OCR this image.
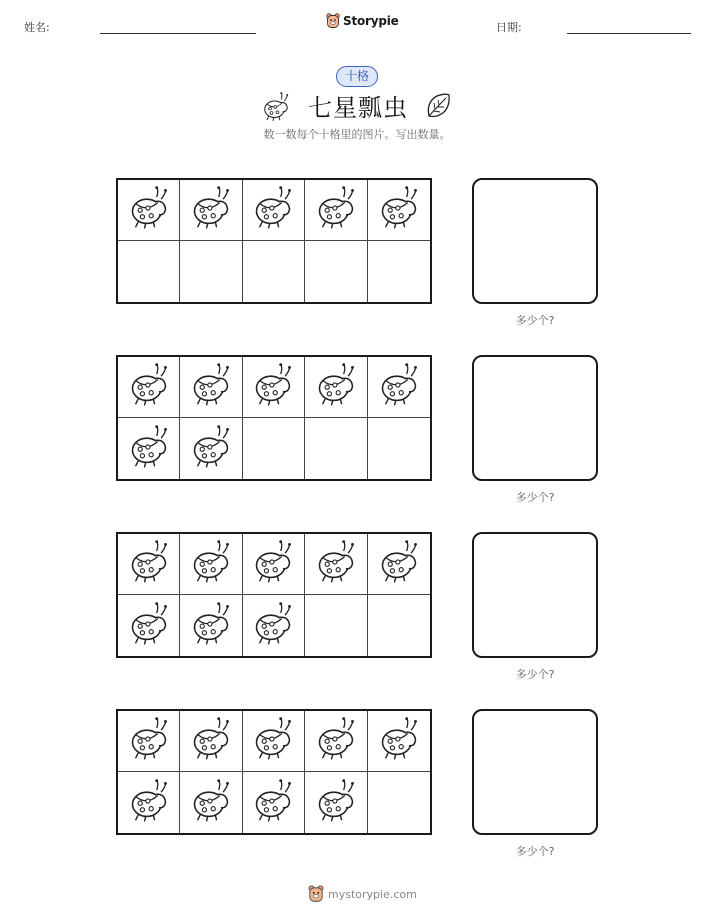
姓名:	Storypie	日期:
十格
七星瓢虫
数一数每个十格里的图片。写出数量。
多少个?
多少个?
多少个?
多少个?
mystorypie.com
